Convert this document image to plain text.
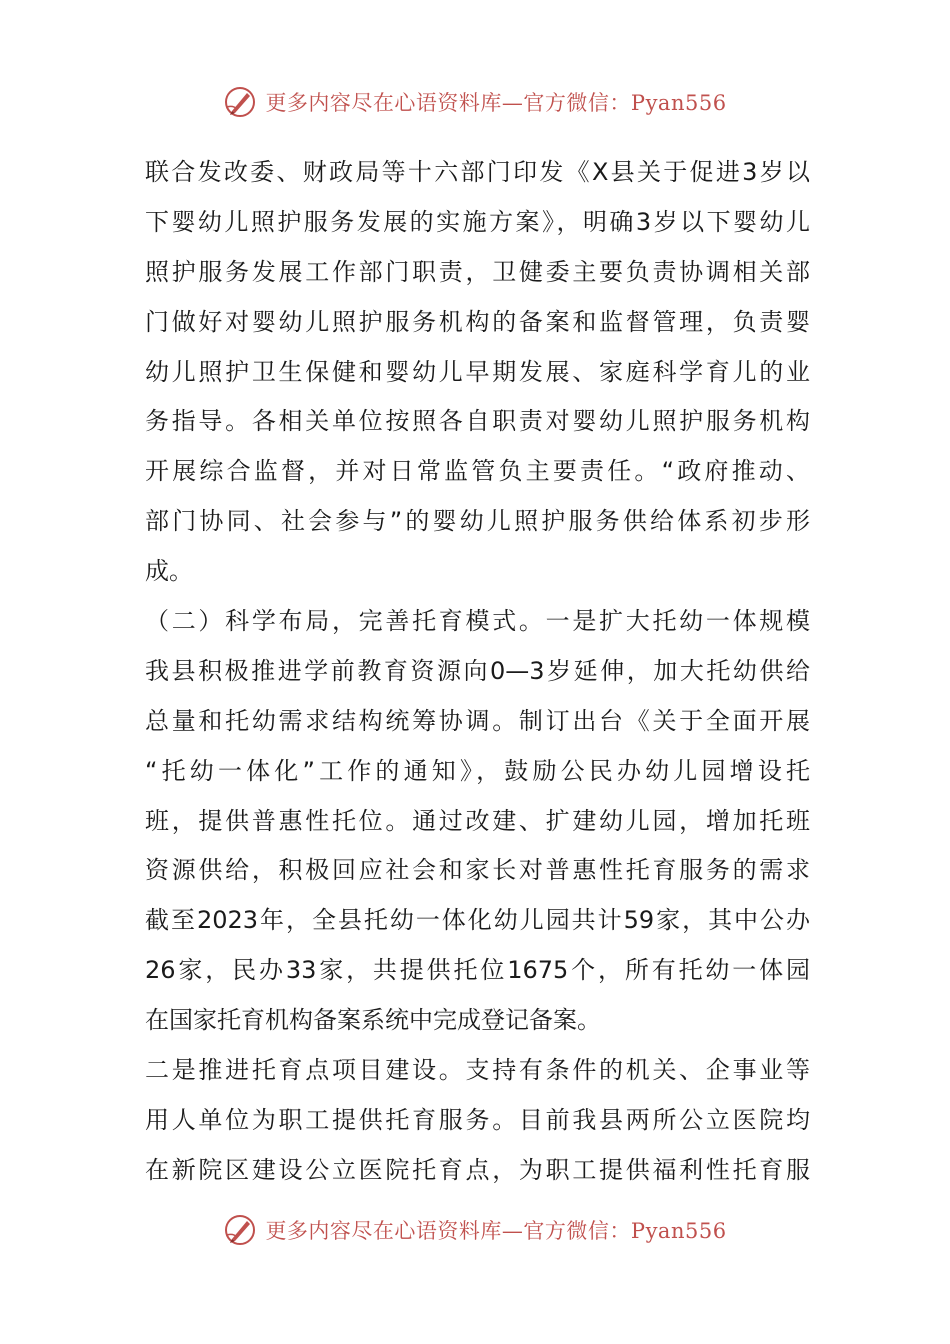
更多内容尽在心语资料库—官方微信：Pyan556
联合发改委、财政局等十六部门印发《X县关于促进3岁以
下婴幼儿照护服务发展的实施方案》，明确3岁以下婴幼儿
照护服务发展工作部门职责，卫健委主要负责协调相关部
门做好对婴幼儿照护服务机构的备案和监督管理，负责婴
幼儿照护卫生保健和婴幼儿早期发展、家庭科学育儿的业
务指导。各相关单位按照各自职责对婴幼儿照护服务机构
开展综合监督，并对日常监管负主要责任。“政府推动、
部门协同、社会参与”的婴幼儿照护服务供给体系初步形
成。
（二）科学布局，完善托育模式。一是扩大托幼一体规模
我县积极推进学前教育资源向0—3岁延伸，加大托幼供给
总量和托幼需求结构统筹协调。制订出台《关于全面开展
“托幼一体化”工作的通知》，鼓励公民办幼儿园增设托
班，提供普惠性托位。通过改建、扩建幼儿园，增加托班
资源供给，积极回应社会和家长对普惠性托育服务的需求
截至2023年，全县托幼一体化幼儿园共计59家，其中公办
26家，民办33家，共提供托位1675个，所有托幼一体园
在国家托育机构备案系统中完成登记备案。
二是推进托育点项目建设。支持有条件的机关、企事业等
用人单位为职工提供托育服务。目前我县两所公立医院均
在新院区建设公立医院托育点，为职工提供福利性托育服
更多内容尽在心语资料库—官方微信：Pyan556
